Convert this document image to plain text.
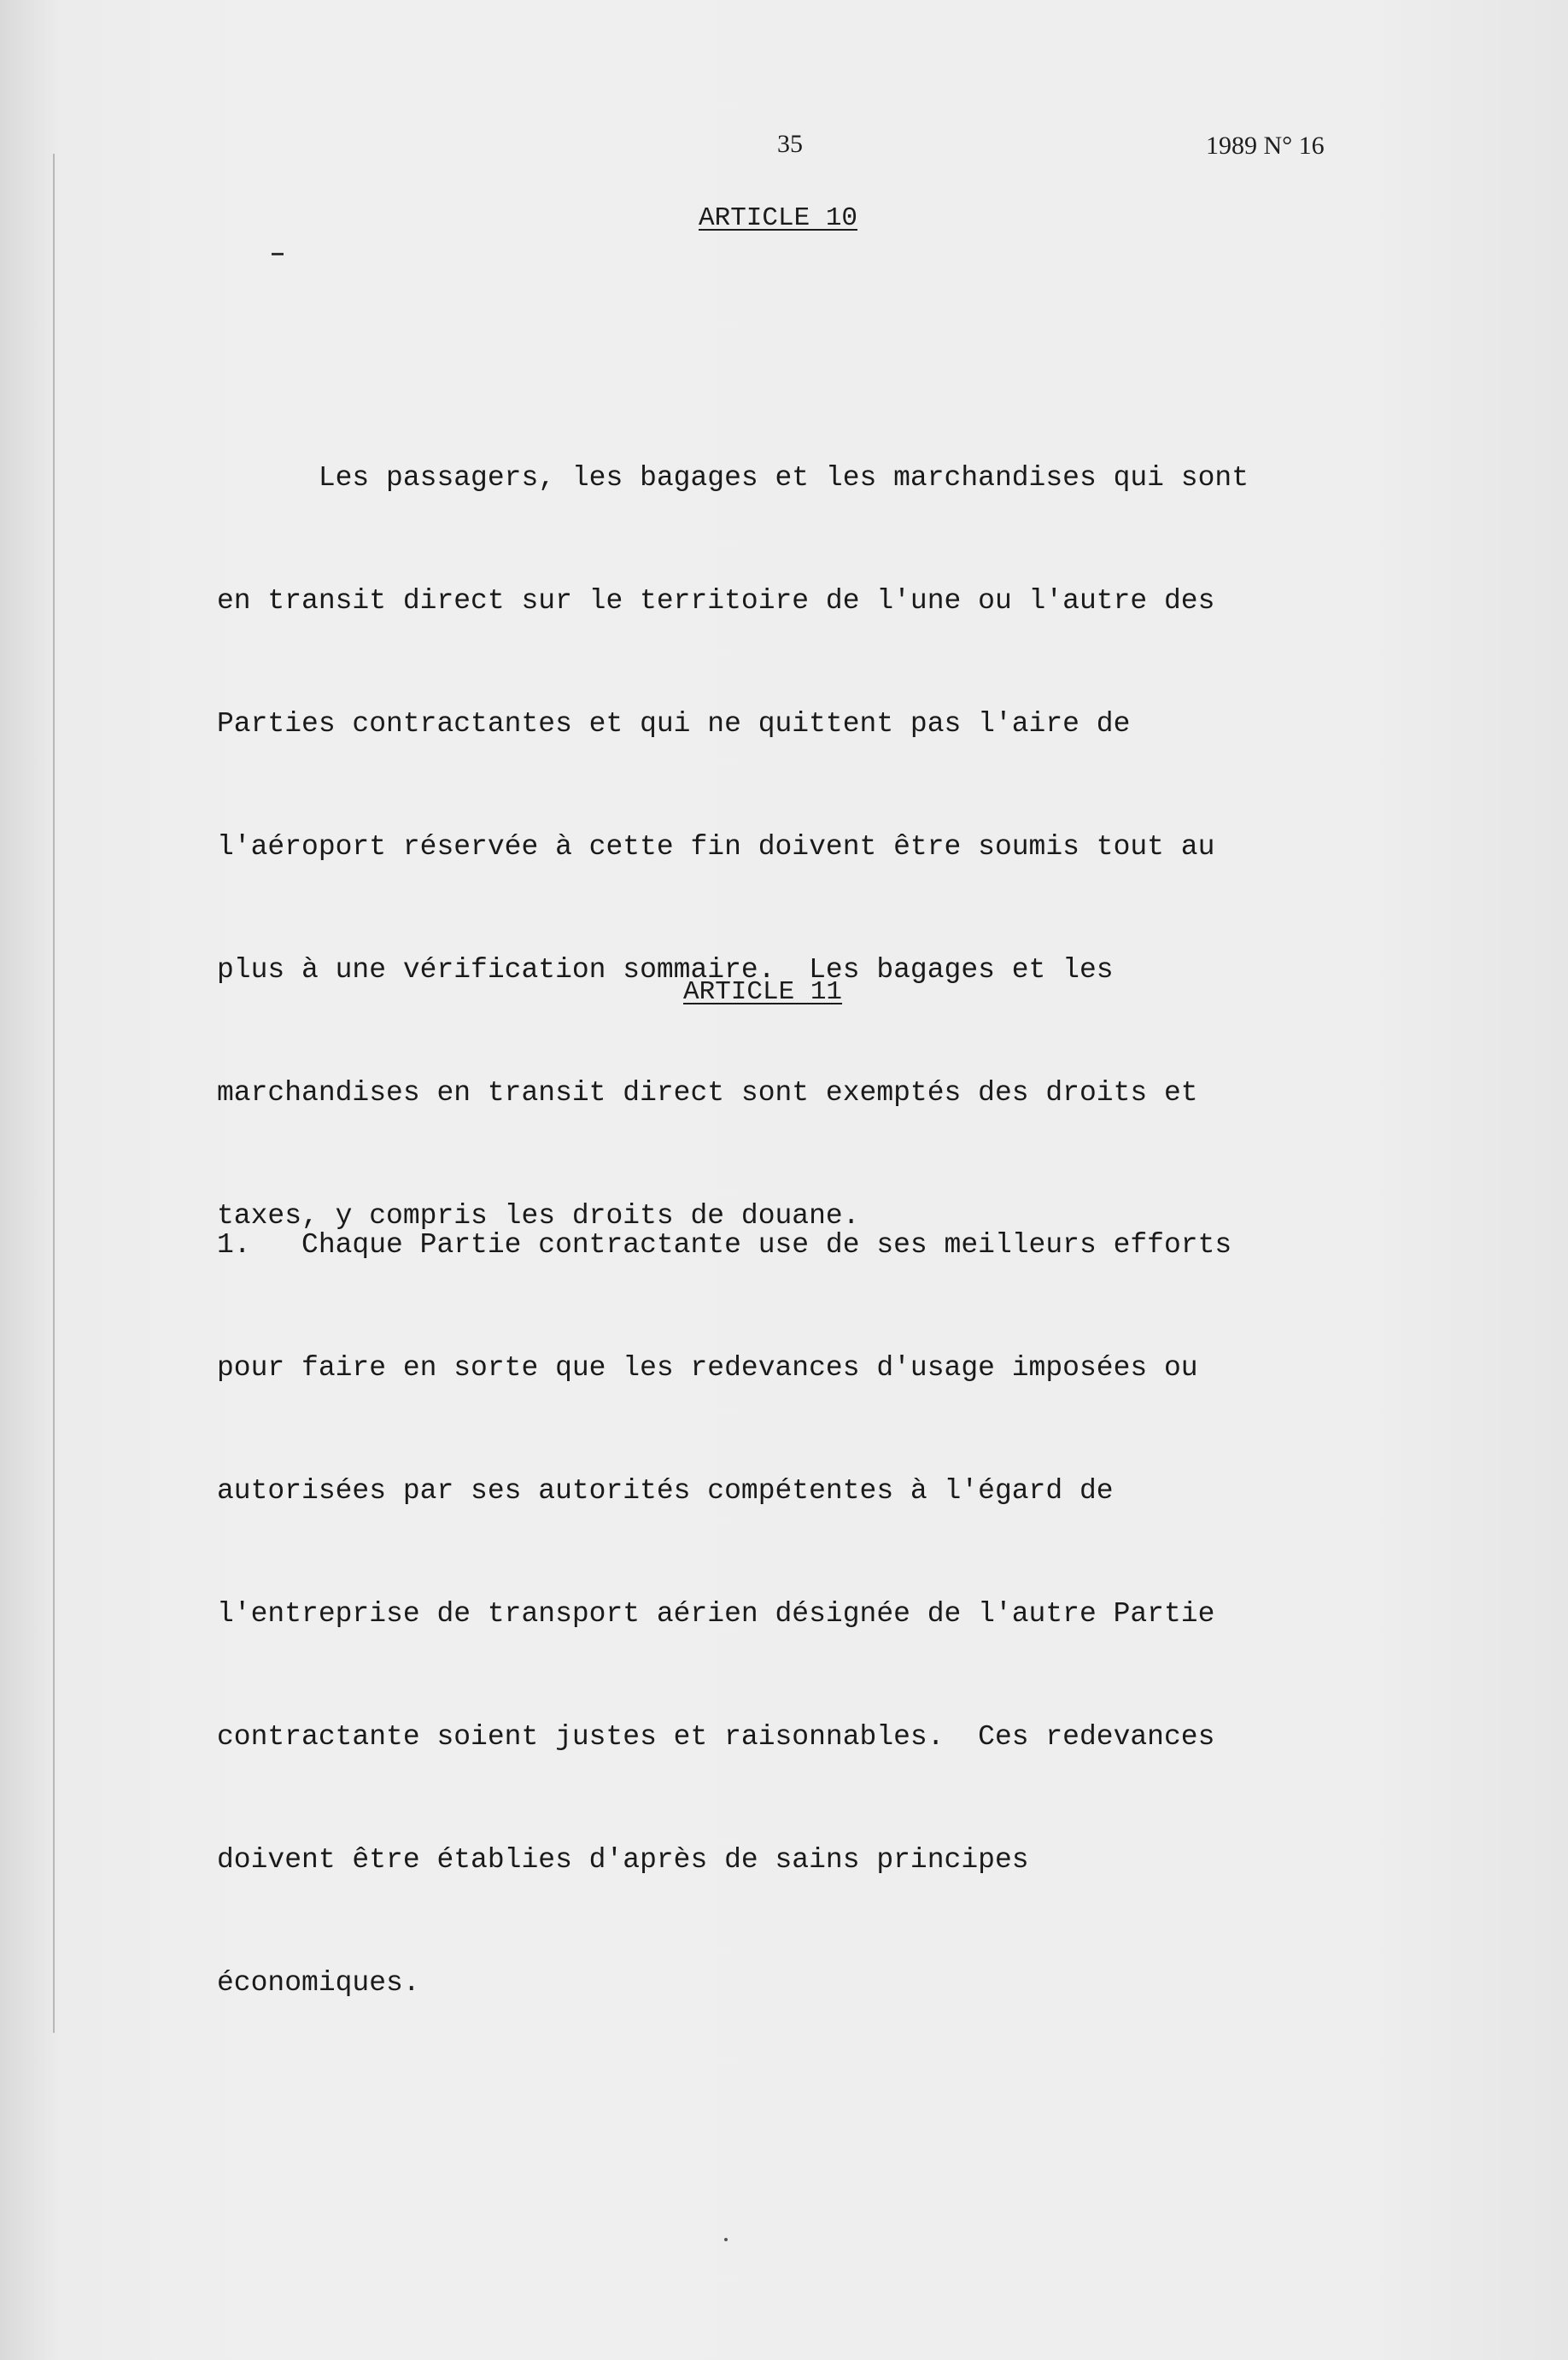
35	1989 N° 16
ARTICLE 10

Les passagers, les bagages et les marchandises qui sont

en transit direct sur le territoire de l'une ou l'autre des

Parties contractantes et qui ne quittent pas l'aire de

l'aéroport réservée à cette fin doivent être soumis tout au

plus à une vérification sommaire.  Les bagages et les

marchandises en transit direct sont exemptés des droits et

taxes, y compris les droits de douane.

ARTICLE 11

1.   Chaque Partie contractante use de ses meilleurs efforts

pour faire en sorte que les redevances d'usage imposées ou

autorisées par ses autorités compétentes à l'égard de

l'entreprise de transport aérien désignée de l'autre Partie

contractante soient justes et raisonnables.  Ces redevances

doivent être établies d'après de sains principes

économiques.
